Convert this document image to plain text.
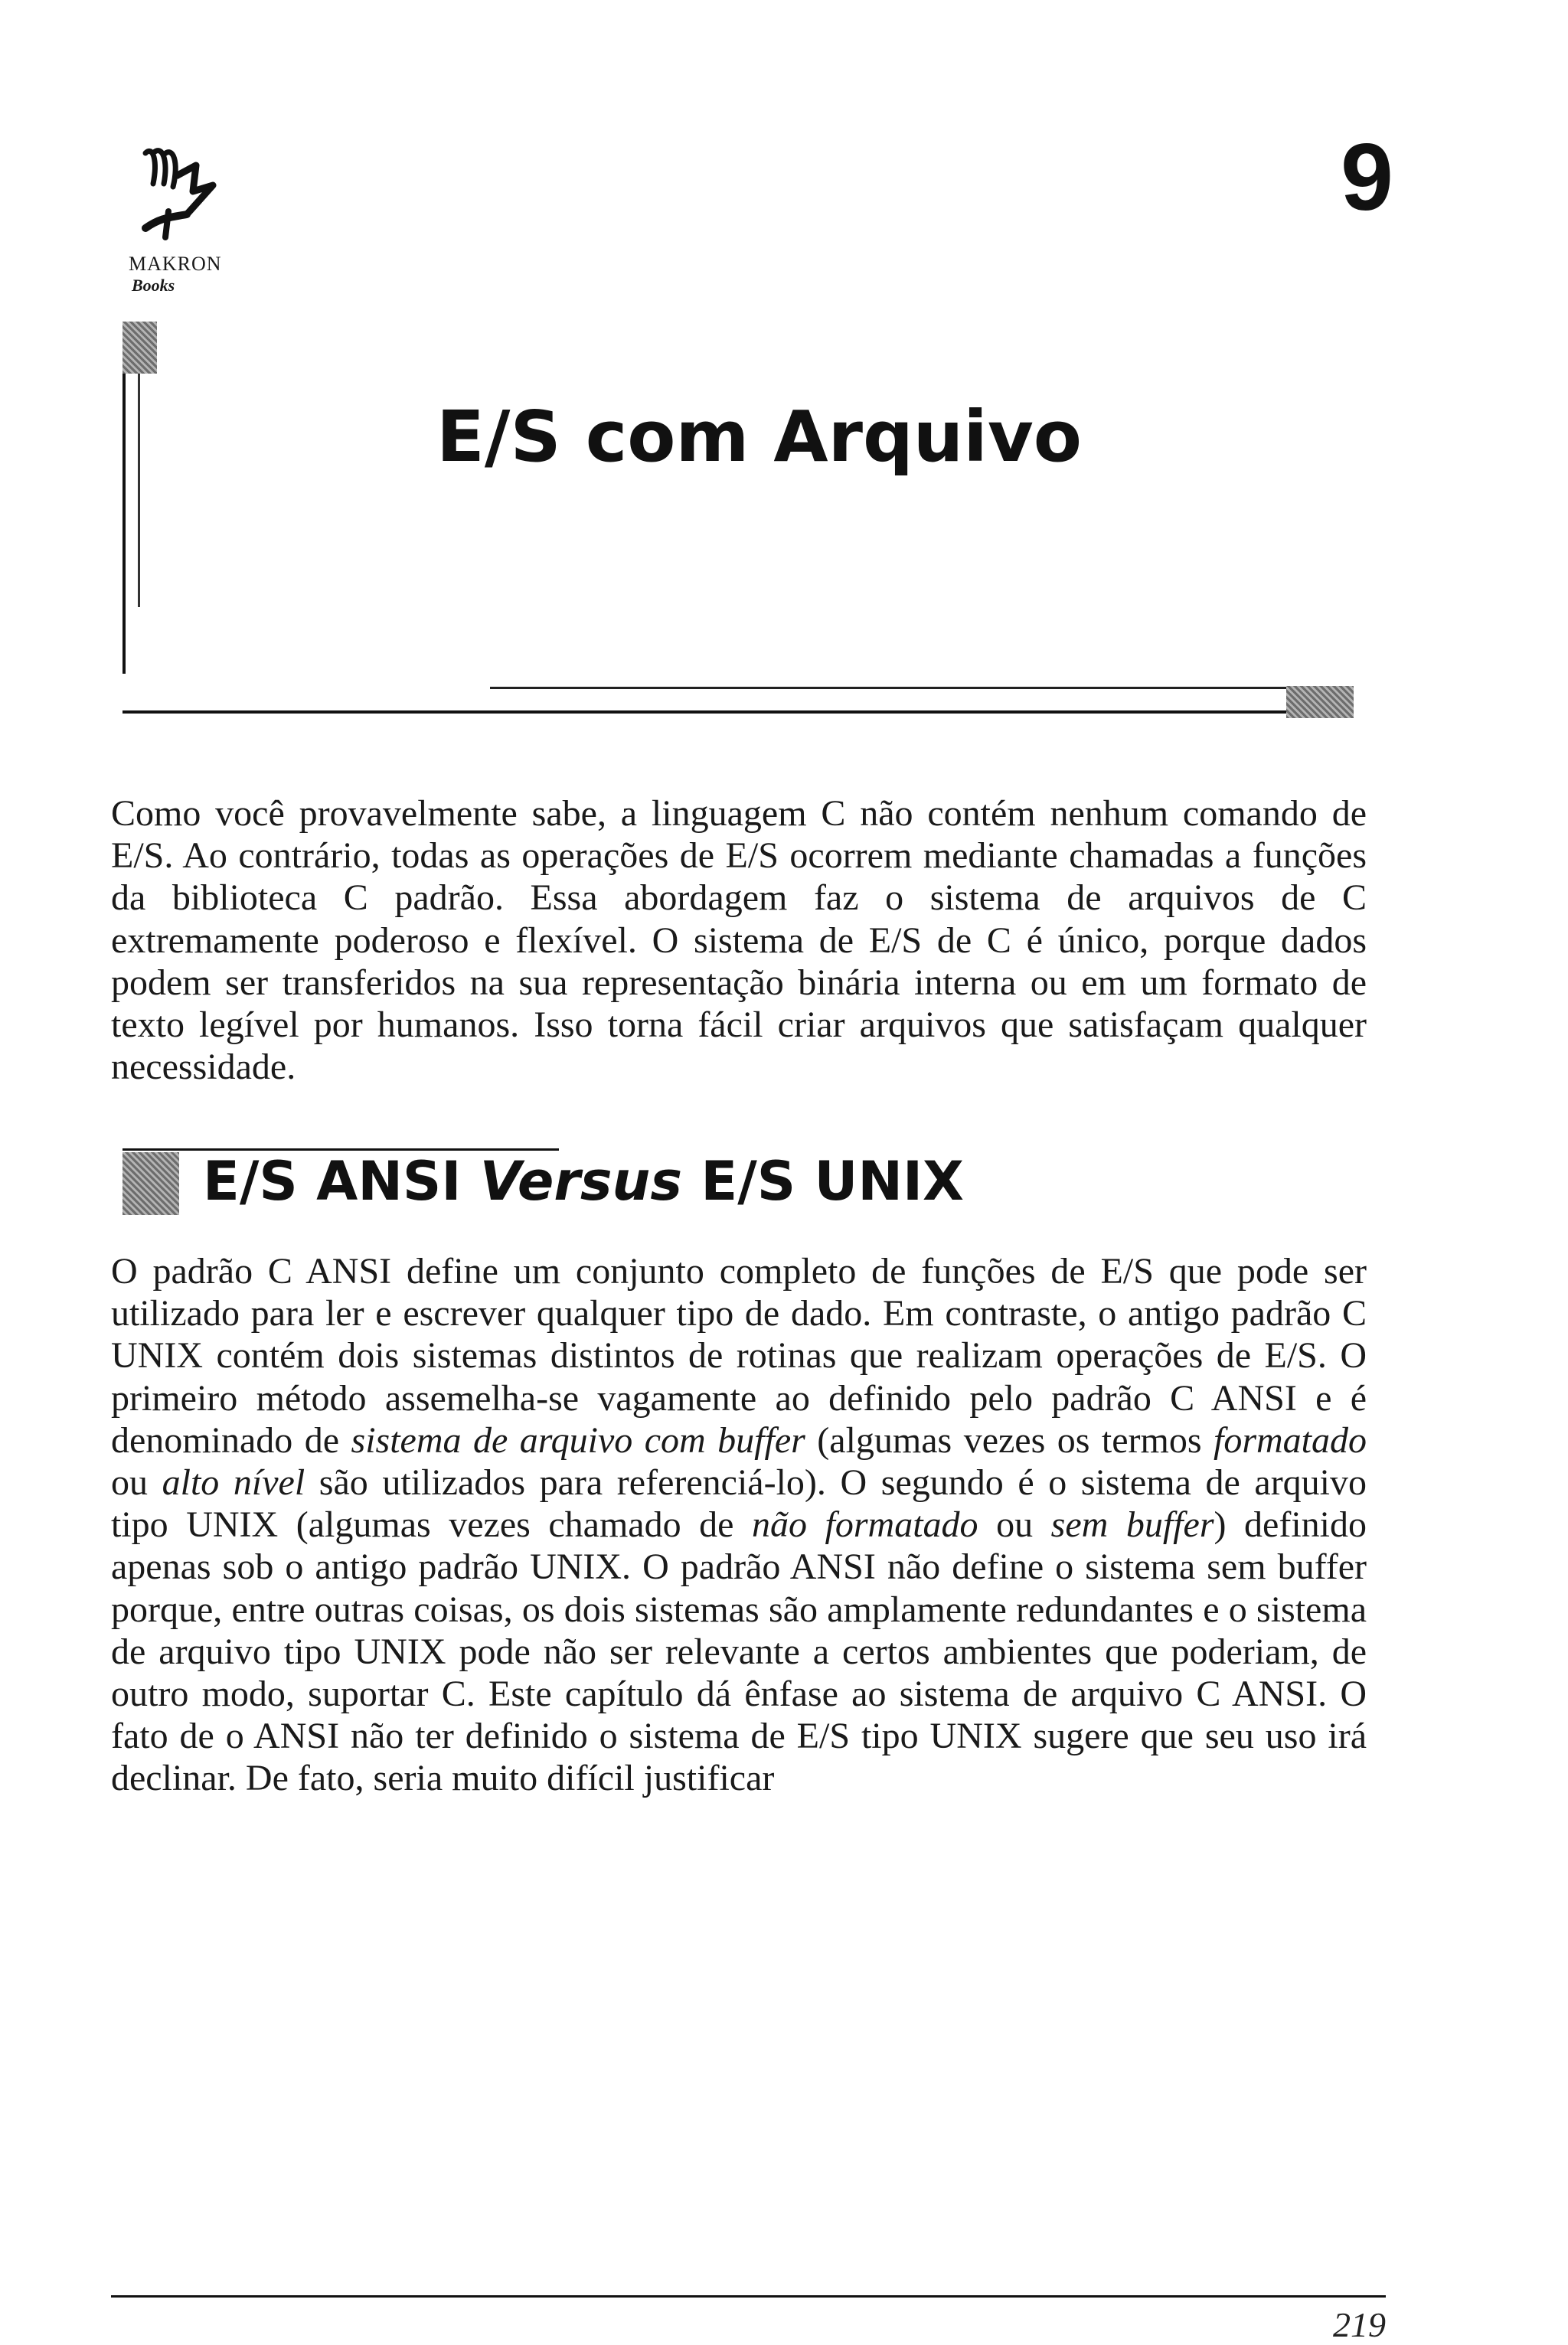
MAKRON
Books
9
E/S com Arquivo
Como você provavelmente sabe, a linguagem C não contém nenhum comando de E/S. Ao contrário, todas as operações de E/S ocorrem mediante chamadas a funções da biblioteca C padrão. Essa abordagem faz o sistema de arquivos de C extremamente poderoso e flexível. O sistema de E/S de C é único, porque dados podem ser transferidos na sua representação binária interna ou em um formato de texto legível por humanos. Isso torna fácil criar arquivos que satisfaçam qualquer necessidade.
E/S ANSI Versus E/S UNIX
O padrão C ANSI define um conjunto completo de funções de E/S que pode ser utilizado para ler e escrever qualquer tipo de dado. Em contraste, o antigo padrão C UNIX contém dois sistemas distintos de rotinas que realizam operações de E/S. O primeiro método assemelha-se vagamente ao definido pelo padrão C ANSI e é denominado de sistema de arquivo com buffer (algumas vezes os termos formatado ou alto nível são utilizados para referenciá-lo). O segundo é o sistema de arquivo tipo UNIX (algumas vezes chamado de não formatado ou sem buffer) definido apenas sob o antigo padrão UNIX. O padrão ANSI não define o sistema sem buffer porque, entre outras coisas, os dois sistemas são amplamente redundantes e o sistema de arquivo tipo UNIX pode não ser relevante a certos ambientes que poderiam, de outro modo, suportar C. Este capítulo dá ênfase ao sistema de arquivo C ANSI. O fato de o ANSI não ter definido o sistema de E/S tipo UNIX sugere que seu uso irá declinar. De fato, seria muito difícil justificar
219
